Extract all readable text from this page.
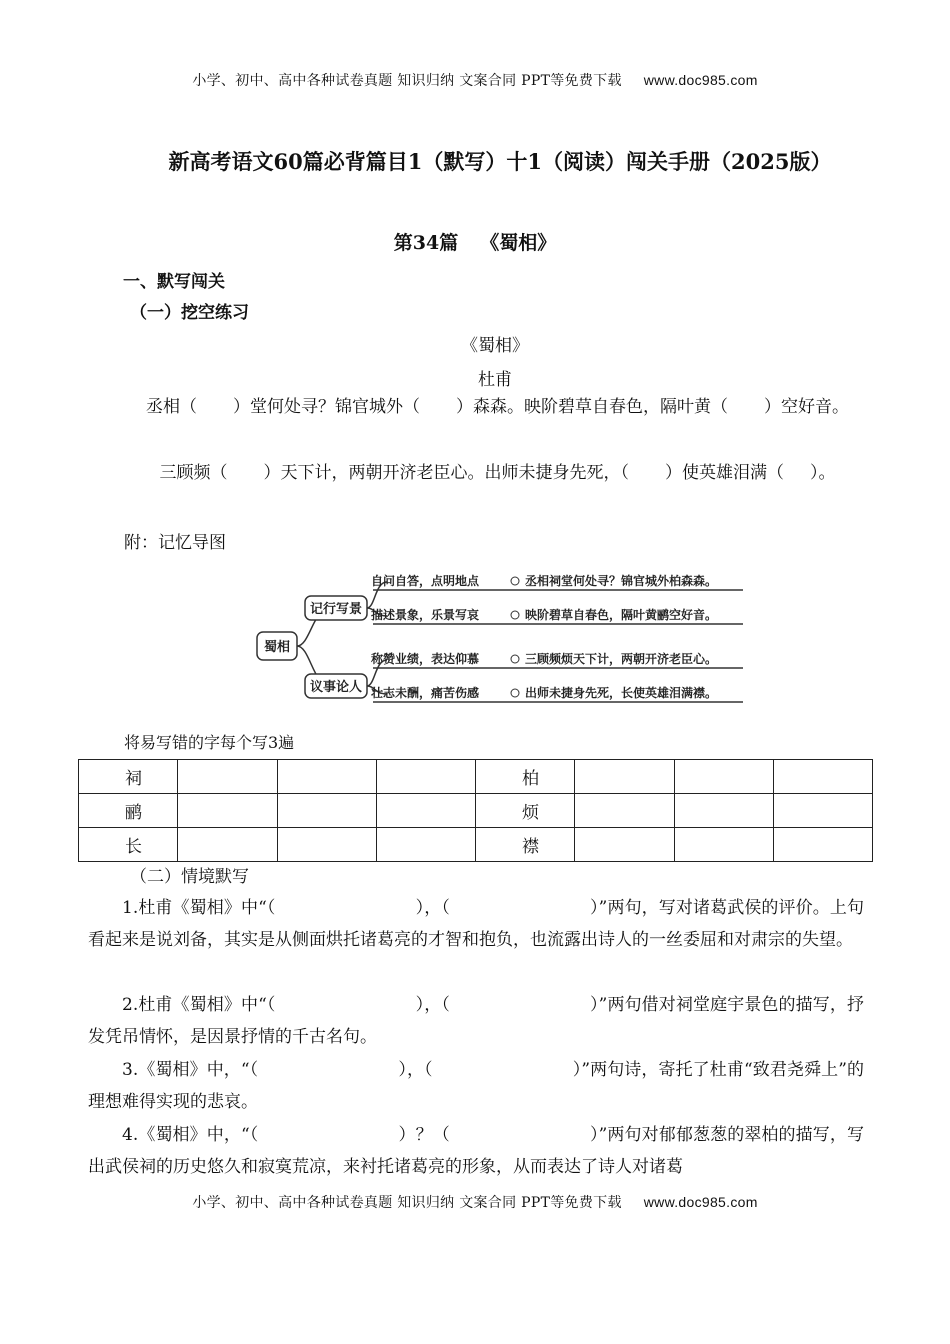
小学、初中、高中各种试卷真题 知识归纳 文案合同 PPT等免费下载 www.doc985.com
新高考语文60篇必背篇目1（默写）十1（阅读）闯关手册（2025版）
第34篇 《蜀相》
一、默写闯关
（一）挖空练习
《蜀相》
杜甫
丞相（ ）堂何处寻？锦官城外（ ）森森。映阶碧草自春色，隔叶黄（ ）空好音。
三顾频（ ）天下计，两朝开济老臣心。出师未捷身先死，（ ）使英雄泪满（ ）。
附：记忆导图
蜀相
记行写景
议事论人
自问自答，点明地点	丞相祠堂何处寻？锦官城外柏森森。
描述景象，乐景写哀	映阶碧草自春色，隔叶黄鹂空好音。
称赞业绩，表达仰慕	三顾频烦天下计，两朝开济老臣心。
壮志未酬，痛苦伤感	出师未捷身先死，长使英雄泪满襟。
将易写错的字每个写3遍
祠				柏			
鹂				烦			
长				襟			
（二）情境默写
1.杜甫《蜀相》中“（	），（	）”两句，写对诸葛武侯的评价。上句看起来是说刘备，其实是从侧面烘托诸葛亮的才智和抱负，也流露出诗人的一丝委屈和对肃宗的失望。
2.杜甫《蜀相》中“（	），（	）”两句借对祠堂庭宇景色的描写，抒发凭吊情怀，是因景抒情的千古名句。
3.《蜀相》中，“（	），（	）”两句诗，寄托了杜甫“致君尧舜上”的理想难得实现的悲哀。
4.《蜀相》中，“（	）？（	）”两句对郁郁葱葱的翠柏的描写，写出武侯祠的历史悠久和寂寞荒凉，来衬托诸葛亮的形象，从而表达了诗人对诸葛
小学、初中、高中各种试卷真题 知识归纳 文案合同 PPT等免费下载 www.doc985.com
